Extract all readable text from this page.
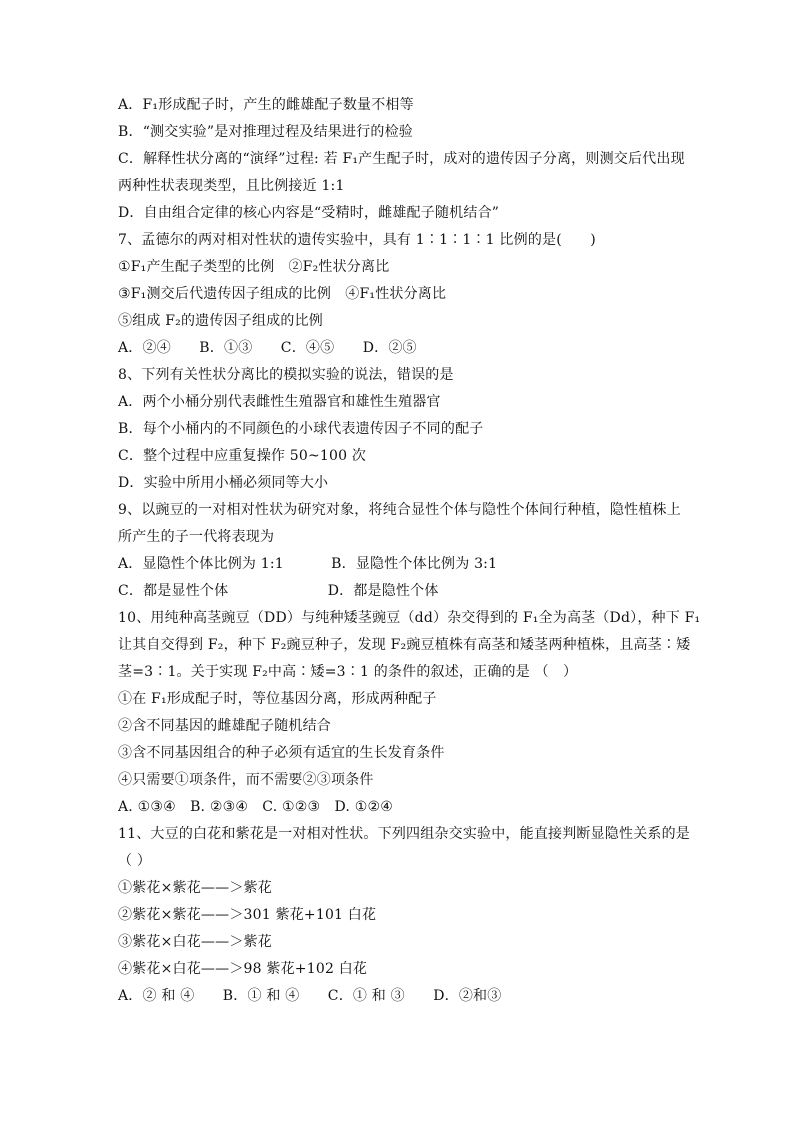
A．F₁形成配子时，产生的雌雄配子数量不相等
B．“测交实验”是对推理过程及结果进行的检验
C．解释性状分离的“演绎”过程: 若 F₁产生配子时，成对的遗传因子分离，则测交后代出现
两种性状表现类型，且比例接近 1:1
D．自由组合定律的核心内容是“受精时，雌雄配子随机结合”
7、孟德尔的两对相对性状的遗传实验中，具有 1∶1∶1∶1 比例的是(　　)
①F₁产生配子类型的比例　②F₂性状分离比
③F₁测交后代遗传因子组成的比例　④F₁性状分离比
⑤组成 F₂的遗传因子组成的比例
A．②④　　B．①③　　C．④⑤　　D．②⑤
8、下列有关性状分离比的模拟实验的说法，错误的是
A．两个小桶分别代表雌性生殖器官和雄性生殖器官
B．每个小桶内的不同颜色的小球代表遗传因子不同的配子
C．整个过程中应重复操作 50~100 次
D．实验中所用小桶必须同等大小
9、以豌豆的一对相对性状为研究对象，将纯合显性个体与隐性个体间行种植，隐性植株上
所产生的子一代将表现为
A．显隐性个体比例为 1:1　　　 B．显隐性个体比例为 3:1
C．都是显性个体　　　　　　　D．都是隐性个体
10、用纯种高茎豌豆（DD）与纯种矮茎豌豆（dd）杂交得到的 F₁全为高茎（Dd），种下 F₁
让其自交得到 F₂，种下 F₂豌豆种子，发现 F₂豌豆植株有高茎和矮茎两种植株，且高茎∶矮
茎=3∶1。关于实现 F₂中高∶矮=3∶1 的条件的叙述，正确的是 （　）
①在 F₁形成配子时，等位基因分离，形成两种配子
②含不同基因的雌雄配子随机结合
③含不同基因组合的种子必须有适宜的生长发育条件
④只需要①项条件，而不需要②③项条件
A. ①③④　B. ②③④　C. ①②③　D. ①②④
11、大豆的白花和紫花是一对相对性状。下列四组杂交实验中，能直接判断显隐性关系的是
（ ）
①紫花×紫花——＞紫花
②紫花×紫花——＞301 紫花+101 白花
③紫花×白花——＞紫花
④紫花×白花——＞98 紫花+102 白花
A．② 和 ④　　B．① 和 ④　　C．① 和 ③　　D．②和③
